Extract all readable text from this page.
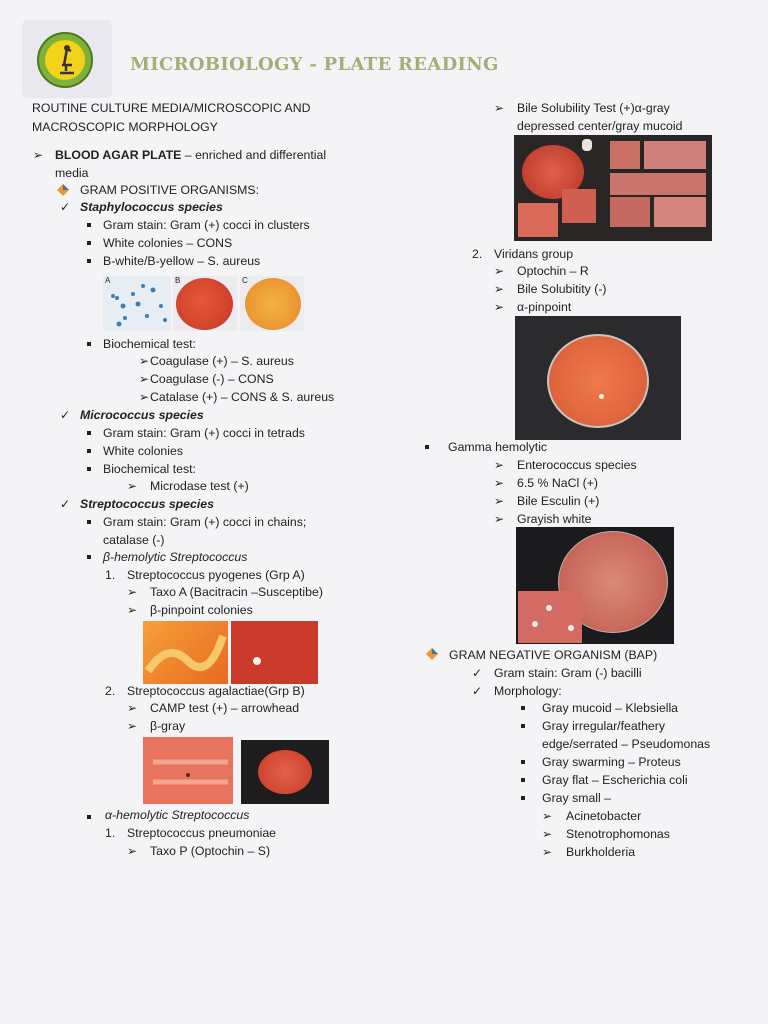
MICROBIOLOGY - PLATE READING
ROUTINE CULTURE MEDIA/MICROSCOPIC AND
MACROSCOPIC MORPHOLOGY
➢ BLOOD AGAR PLATE – enriched and differential
media
GRAM POSITIVE ORGANISMS:
✓ Staphylococcus species
Gram stain: Gram (+) cocci in clusters
White colonies – CONS
B-white/B-yellow – S. aureus
A	B	C
Biochemical test:
➢ Coagulase (+) – S. aureus
➢ Coagulase (-) – CONS
➢ Catalase (+) – CONS & S. aureus
✓ Micrococcus species
Gram stain: Gram (+) cocci in tetrads
White colonies
Biochemical test:
➢ Microdase test (+)
✓ Streptococcus species
Gram stain: Gram (+) cocci in chains;
catalase (-)
β-hemolytic Streptococcus
1. Streptococcus pyogenes (Grp A)
➢ Taxo A (Bacitracin –Susceptibe)
➢ β-pinpoint colonies
2. Streptococcus agalactiae(Grp B)
➢ CAMP test (+) – arrowhead
➢ β-gray
α-hemolytic Streptococcus
1. Streptococcus pneumoniae
➢ Taxo P (Optochin – S)
➢ Bile Solubility Test (+)α-gray
depressed center/gray mucoid
2. Viridans group
➢ Optochin – R
➢ Bile Solubitity (-)
➢ α-pinpoint
Gamma hemolytic
➢ Enterococcus species
➢ 6.5 % NaCl (+)
➢ Bile Esculin (+)
➢ Grayish white
GRAM NEGATIVE ORGANISM (BAP)
✓ Gram stain: Gram (-) bacilli
✓ Morphology:
Gray mucoid – Klebsiella
Gray irregular/feathery
edge/serrated – Pseudomonas
Gray swarming – Proteus
Gray flat – Escherichia coli
Gray small –
➢ Acinetobacter
➢ Stenotrophomonas
➢ Burkholderia
